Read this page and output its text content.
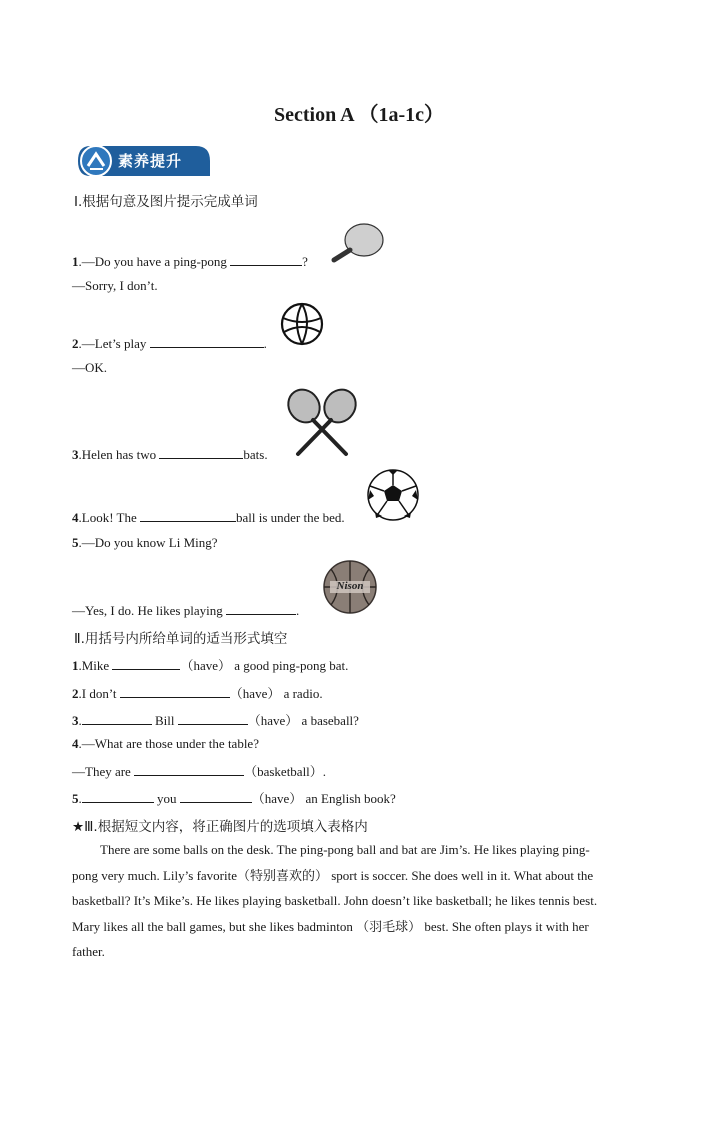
Section A （1a-1c）
素养提升
Ⅰ.根据句意及图片提示完成单词
Nison
1.—Do you have a ping-pong	?
—Sorry, I don’t.
2.—Let’s play	.
—OK.
3.Helen has two	bats.
4.Look! The	ball is under the bed.
5.—Do you know Li Ming?
—Yes, I do. He likes playing	.
Ⅱ.用括号内所给单词的适当形式填空
1.Mike	（have） a good ping-pong bat.
2.I don’t	（have） a radio.
3.	Bill	（have） a baseball?
4.—What are those under the table?
—They are	（basketball）.
5.	you	（have） an English book?
★Ⅲ.根据短文内容，将正确图片的选项填入表格内
There are some balls on the desk. The ping-pong ball and bat are Jim’s. He likes playing ping-
pong very much. Lily’s favorite（特别喜欢的） sport is soccer. She does well in it. What about the
basketball? It’s Mike’s. He likes playing basketball. John doesn’t like basketball; he likes tennis best.
Mary likes all the ball games, but she likes badminton （羽毛球） best. She often plays it with her
father.
